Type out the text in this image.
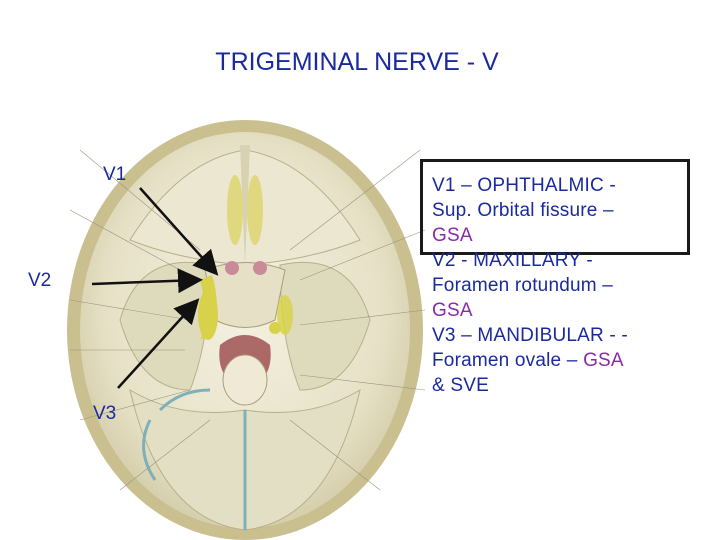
TRIGEMINAL NERVE - V
V1
V2
V3
V1 – OPHTHALMIC -
Sup. Orbital fissure –
GSA
V2 - MAXILLARY -
Foramen rotundum –
GSA
V3 – MANDIBULAR - -
Foramen ovale – GSA
& SVE
